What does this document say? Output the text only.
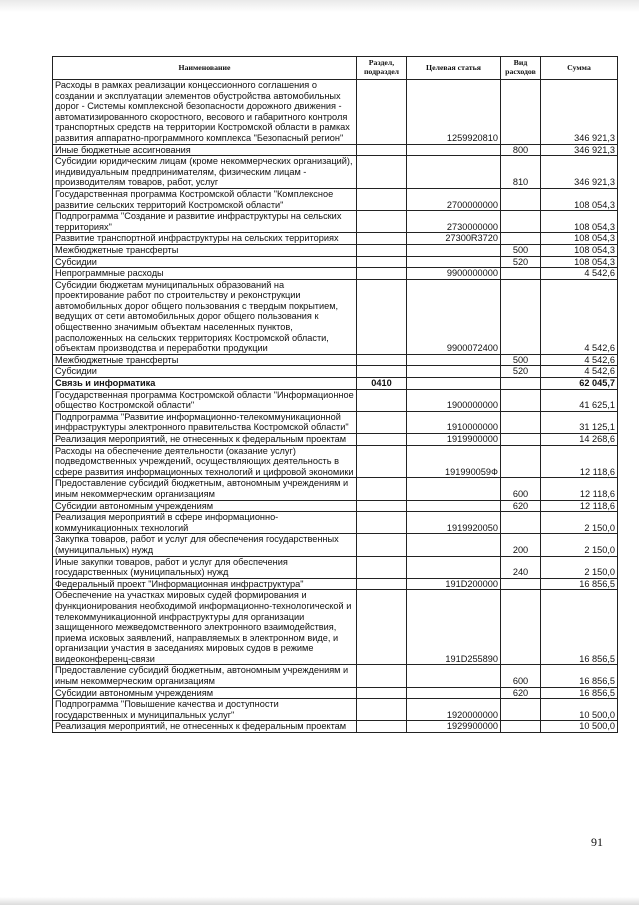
Наименование	Раздел, подраздел	Целевая статья	Вид расходов	Сумма
Расходы в рамках реализации концессионного соглашения о создании и эксплуатации элементов обустройства автомобильных дорог - Системы комплексной безопасности дорожного движения - автоматизированного скоростного, весового и габаритного контроля транспортных средств на территории Костромской области в рамках развития аппаратно-программного комплекса "Безопасный регион"		1259920810		346 921,3
Иные бюджетные ассигнования			800	346 921,3
Субсидии юридическим лицам (кроме некоммерческих организаций), индивидуальным предпринимателям, физическим лицам - производителям товаров, работ, услуг			810	346 921,3
Государственная программа Костромской области "Комплексное развитие сельских территорий Костромской области"		2700000000		108 054,3
Подпрограмма "Создание и развитие инфраструктуры на сельских территориях"		2730000000		108 054,3
Развитие транспортной инфраструктуры на сельских территориях		27300R3720		108 054,3
Межбюджетные трансферты			500	108 054,3
Субсидии			520	108 054,3
Непрограммные расходы		9900000000		4 542,6
Субсидии бюджетам муниципальных образований на проектирование работ по строительству и реконструкции автомобильных дорог общего пользования с твердым покрытием, ведущих от сети автомобильных дорог общего пользования к общественно значимым объектам населенных пунктов, расположенных на сельских территориях Костромской области, объектам производства и переработки продукции		9900072400		4 542,6
Межбюджетные трансферты			500	4 542,6
Субсидии			520	4 542,6
Связь и информатика	0410			62 045,7
Государственная программа Костромской области "Информационное общество Костромской области"		1900000000		41 625,1
Подпрограмма "Развитие информационно-телекоммуникационной инфраструктуры электронного правительства Костромской области"		1910000000		31 125,1
Реализация мероприятий, не отнесенных к федеральным проектам		1919900000		14 268,6
Расходы на обеспечение деятельности (оказание услуг) подведомственных учреждений, осуществляющих деятельность в сфере развития информационных технологий и цифровой экономики		191990059Ф		12 118,6
Предоставление субсидий бюджетным, автономным учреждениям и иным некоммерческим организациям			600	12 118,6
Субсидии автономным учреждениям			620	12 118,6
Реализация мероприятий в сфере информационно-коммуникационных технологий		1919920050		2 150,0
Закупка товаров, работ и услуг для обеспечения государственных (муниципальных) нужд			200	2 150,0
Иные закупки товаров, работ и услуг для обеспечения государственных (муниципальных) нужд			240	2 150,0
Федеральный проект "Информационная инфраструктура"		191D200000		16 856,5
Обеспечение на участках мировых судей формирования и функционирования необходимой информационно-технологической и телекоммуникационной инфраструктуры для организации защищенного межведомственного электронного взаимодействия, приема исковых заявлений, направляемых в электронном виде, и организации участия в заседаниях мировых судов в режиме видеоконференц-связи		191D255890		16 856,5
Предоставление субсидий бюджетным, автономным учреждениям и иным некоммерческим организациям			600	16 856,5
Субсидии автономным учреждениям			620	16 856,5
Подпрограмма "Повышение качества и доступности государственных и муниципальных услуг"		1920000000		10 500,0
Реализация мероприятий, не отнесенных к федеральным проектам		1929900000		10 500,0
91
